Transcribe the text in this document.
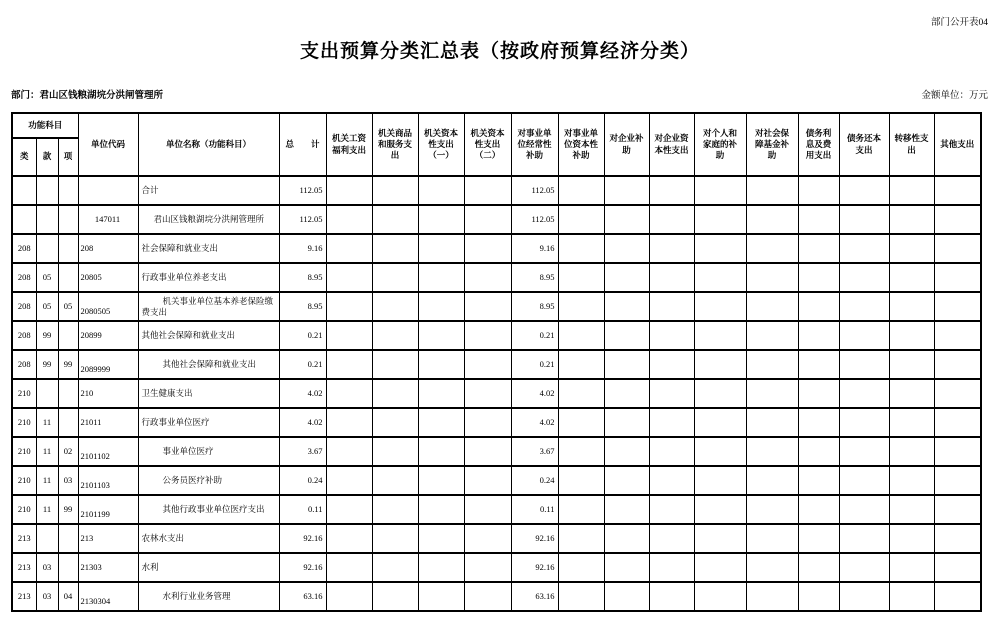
部门公开表04
支出预算分类汇总表（按政府预算经济分类）
部门：君山区钱粮湖垸分洪闸管理所	金额单位：万元
功能科目			单位代码	单位名称（功能科目）	总　　计	机关工资福利支出	机关商品和服务支出	机关资本性支出（一）	机关资本性支出（二）	对事业单位经常性补助	对事业单位资本性补助	对企业补助	对企业资本性支出	对个人和家庭的补助	对社会保障基金补助	债务利息及费用支出	债务还本支出	转移性支出	其他支出
类	款	项																	
				合计	112.05					112.05									
			147011	君山区钱粮湖垸分洪闸管理所	112.05					112.05									
208			208	社会保障和就业支出	9.16					9.16									
208	05		20805	行政事业单位养老支出	8.95					8.95									
208	05	05	2080505	机关事业单位基本养老保险缴费支出	8.95					8.95									
208	99		20899	其他社会保障和就业支出	0.21					0.21									
208	99	99	2089999	其他社会保障和就业支出	0.21					0.21									
210			210	卫生健康支出	4.02					4.02									
210	11		21011	行政事业单位医疗	4.02					4.02									
210	11	02	2101102	事业单位医疗	3.67					3.67									
210	11	03	2101103	公务员医疗补助	0.24					0.24									
210	11	99	2101199	其他行政事业单位医疗支出	0.11					0.11									
213			213	农林水支出	92.16					92.16									
213	03		21303	水利	92.16					92.16									
213	03	04	2130304	水利行业业务管理	63.16					63.16									
